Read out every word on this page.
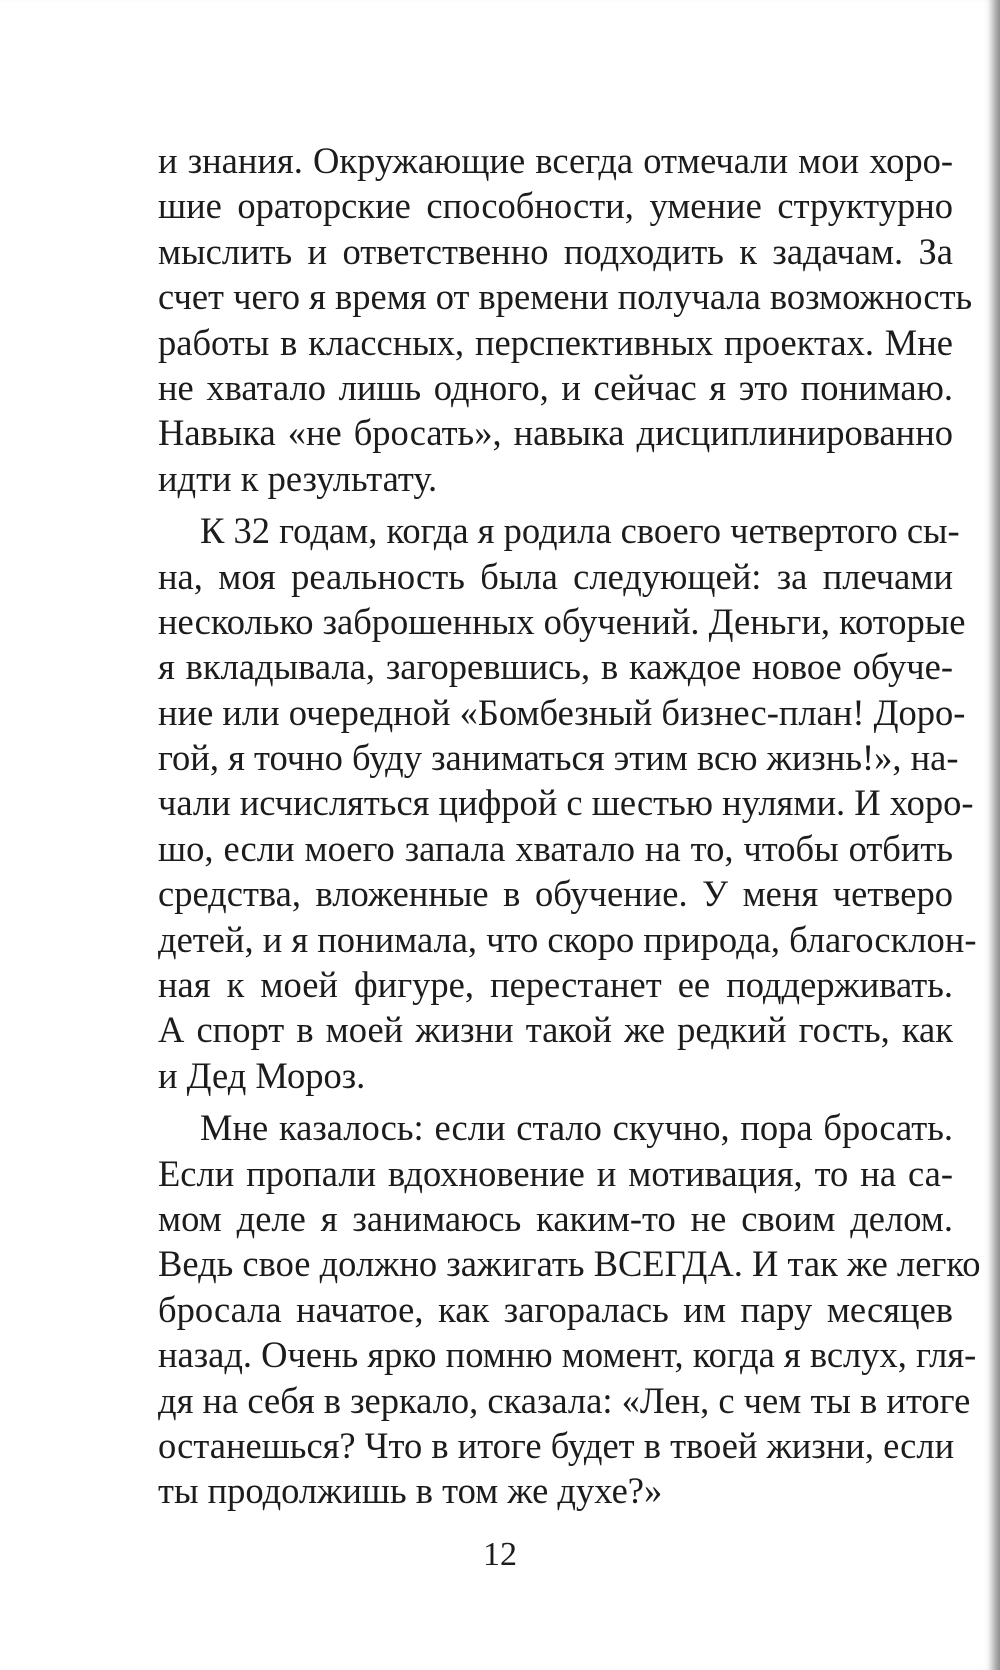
и знания. Окружающие всегда отмечали мои хоро-
шие ораторские способности, умение структурно
мыслить и ответственно подходить к задачам. За
счет чего я время от времени получала возможность
работы в классных, перспективных проектах. Мне
не хватало лишь одного, и сейчас я это понимаю.
Навыка «не бросать», навыка дисциплинированно
идти к результату.
К 32 годам, когда я родила своего четвертого сы-
на, моя реальность была следующей: за плечами
несколько заброшенных обучений. Деньги, которые
я вкладывала, загоревшись, в каждое новое обуче-
ние или очередной «Бомбезный бизнес-план! Доро-
гой, я точно буду заниматься этим всю жизнь!», на-
чали исчисляться цифрой с шестью нулями. И хоро-
шо, если моего запала хватало на то, чтобы отбить
средства, вложенные в обучение. У меня четверо
детей, и я понимала, что скоро природа, благосклон-
ная к моей фигуре, перестанет ее поддерживать.
А спорт в моей жизни такой же редкий гость, как
и Дед Мороз.
Мне казалось: если стало скучно, пора бросать.
Если пропали вдохновение и мотивация, то на са-
мом деле я занимаюсь каким-то не своим делом.
Ведь свое должно зажигать ВСЕГДА. И так же легко
бросала начатое, как загоралась им пару месяцев
назад. Очень ярко помню момент, когда я вслух, гля-
дя на себя в зеркало, сказала: «Лен, с чем ты в итоге
останешься? Что в итоге будет в твоей жизни, если
ты продолжишь в том же духе?»
12
